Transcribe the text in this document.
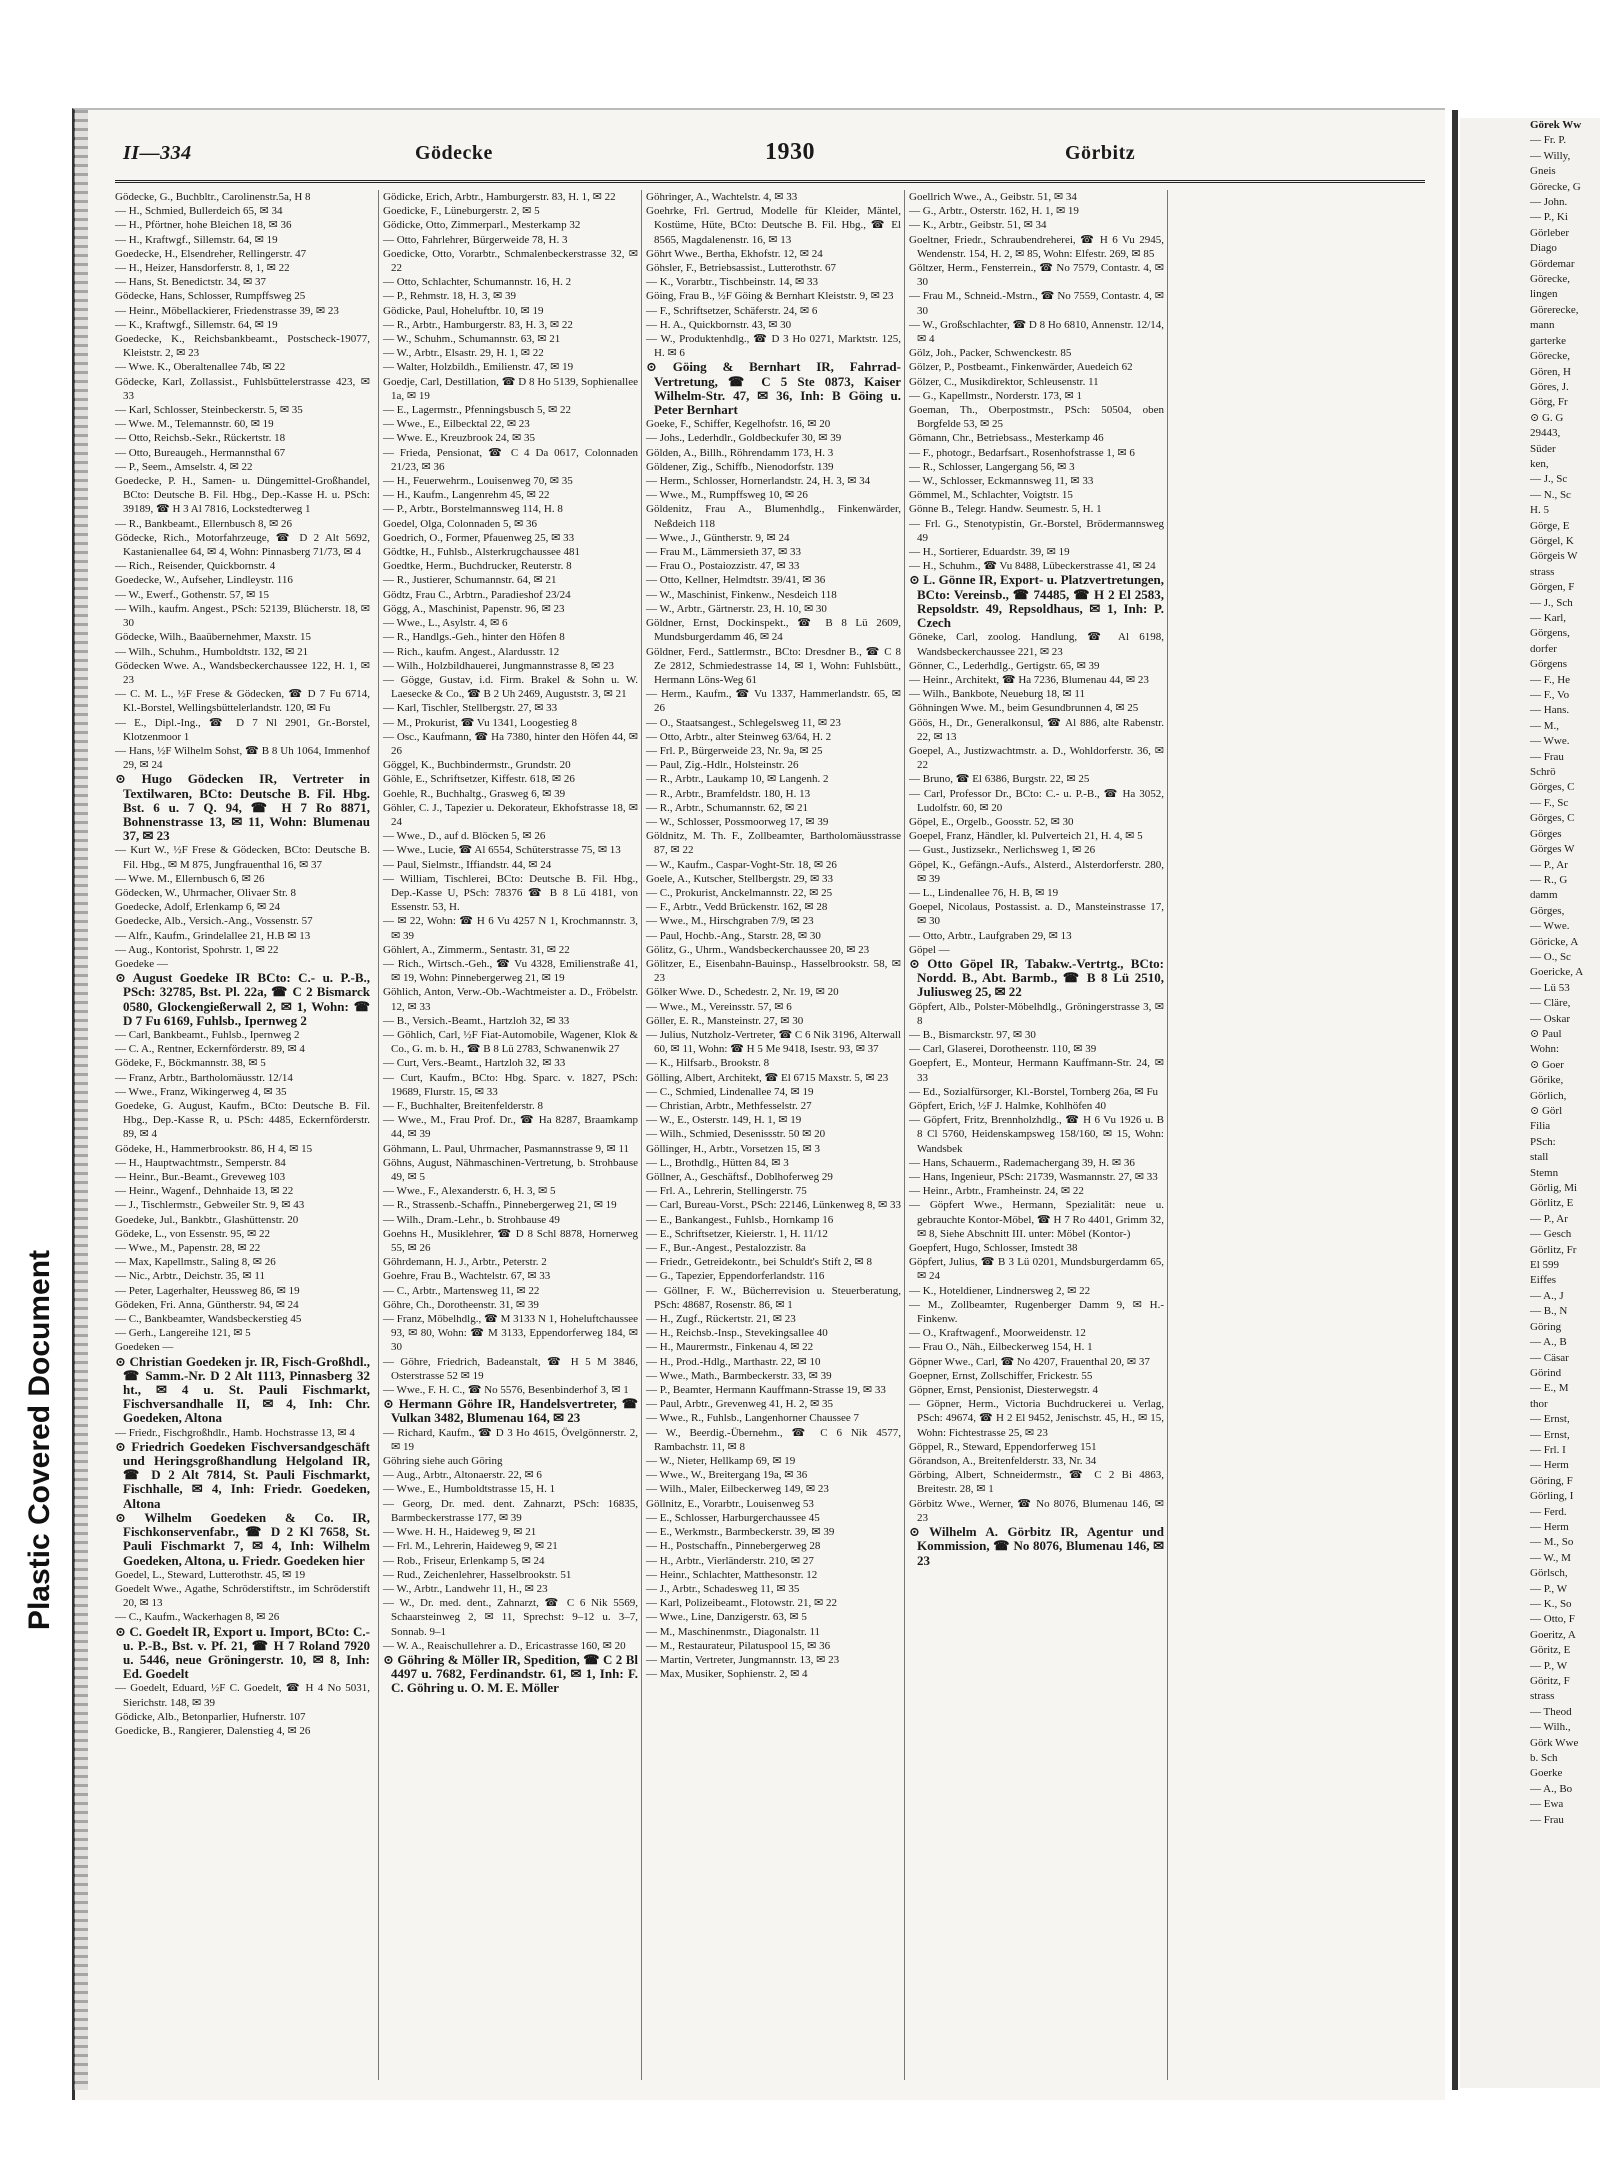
Plastic Covered Document
II—334	Gödecke	1930	Görbitz

Gödecke, G., Buchbltr., Carolinenstr.5a, H 8

— H., Schmied, Bullerdeich 65, ✉ 34

— H., Pförtner, hohe Bleichen 18, ✉ 36

— H., Kraftwgf., Sillemstr. 64, ✉ 19

Goedecke, H., Elsendreher, Rellingerstr. 47

— H., Heizer, Hansdorferstr. 8, 1, ✉ 22

— Hans, St. Benedictstr. 34, ✉ 37

Gödecke, Hans, Schlosser, Rumpffsweg 25

— Heinr., Möbellackierer, Friedenstrasse 39, ✉ 23

— K., Kraftwgf., Sillemstr. 64, ✉ 19

Goedecke, K., Reichsbankbeamt., Postscheck-19077, Kleiststr. 2, ✉ 23

— Wwe. K., Oberaltenallee 74b, ✉ 22

Gödecke, Karl, Zollassist., Fuhlsbüttelerstrasse 423, ✉ 33

— Karl, Schlosser, Steinbeckerstr. 5, ✉ 35

— Wwe. M., Telemannstr. 60, ✉ 19

— Otto, Reichsb.-Sekr., Rückertstr. 18

— Otto, Bureaugeh., Hermannsthal 67

— P., Seem., Amselstr. 4, ✉ 22

Goedecke, P. H., Samen- u. Düngemittel-Großhandel, BCto: Deutsche B. Fil. Hbg., Dep.-Kasse H. u. PSch: 39189, ☎ H 3 Al 7816, Lockstedterweg 1

— R., Bankbeamt., Ellernbusch 8, ✉ 26

Gödecke, Rich., Motorfahrzeuge, ☎ D 2 Alt 5692, Kastanienallee 64, ✉ 4, Wohn: Pinnasberg 71/73, ✉ 4

— Rich., Reisender, Quickbornstr. 4

Goedecke, W., Aufseher, Lindleystr. 116

— W., Ewerf., Gothenstr. 57, ✉ 15

— Wilh., kaufm. Angest., PSch: 52139, Blücherstr. 18, ✉ 30

Gödecke, Wilh., Baaübernehmer, Maxstr. 15

— Wilh., Schuhm., Humboldtstr. 132, ✉ 21

Gödecken Wwe. A., Wandsbeckerchaussee 122, H. 1, ✉ 23

— C. M. L., ½F Frese & Gödecken, ☎ D 7 Fu 6714, Kl.-Borstel, Wellingsbüttelerlandstr. 120, ✉ Fu

— E., Dipl.-Ing., ☎ D 7 Nl 2901, Gr.-Borstel, Klotzenmoor 1

— Hans, ½F Wilhelm Sohst, ☎ B 8 Uh 1064, Immenhof 29, ✉ 24

⊙ Hugo Gödecken IR, Vertreter in Textilwaren, BCto: Deutsche B. Fil. Hbg. Bst. 6 u. 7 Q. 94, ☎ H 7 Ro 8871, Bohnenstrasse 13, ✉ 11, Wohn: Blumenau 37, ✉ 23

— Kurt W., ½F Frese & Gödecken, BCto: Deutsche B. Fil. Hbg., ✉ M 875, Jungfrauenthal 16, ✉ 37

— Wwe. M., Ellernbusch 6, ✉ 26

Gödecken, W., Uhrmacher, Olivaer Str. 8

Goedecke, Adolf, Erlenkamp 6, ✉ 24

Goedecke, Alb., Versich.-Ang., Vossenstr. 57

— Alfr., Kaufm., Grindelallee 21, H.B ✉ 13

— Aug., Kontorist, Spohrstr. 1, ✉ 22

Goedeke —

⊙ August Goedeke IR BCto: C.- u. P.-B., PSch: 32785, Bst. Pl. 22a, ☎ C 2 Bismarck 0580, Glockengießerwall 2, ✉ 1, Wohn: ☎ D 7 Fu 6169, Fuhlsb., Ipernweg 2

— Carl, Bankbeamt., Fuhlsb., Ipernweg 2

— C. A., Rentner, Eckernförderstr. 89, ✉ 4

Gödeke, F., Böckmannstr. 38, ✉ 5

— Franz, Arbtr., Bartholomäusstr. 12/14

— Wwe., Franz, Wikingerweg 4, ✉ 35

Goedeke, G. August, Kaufm., BCto: Deutsche B. Fil. Hbg., Dep.-Kasse R, u. PSch: 4485, Eckernförderstr. 89, ✉ 4

Gödeke, H., Hammerbrookstr. 86, H 4, ✉ 15

— H., Hauptwachtmstr., Semperstr. 84

— Heinr., Bur.-Beamt., Greveweg 103

— Heinr., Wagenf., Dehnhaide 13, ✉ 22

— J., Tischlermstr., Gebweiler Str. 9, ✉ 43

Goedeke, Jul., Bankbtr., Glashüttenstr. 20

Gödeke, L., von Essenstr. 95, ✉ 22

— Wwe., M., Papenstr. 28, ✉ 22

— Max, Kapellmstr., Saling 8, ✉ 26

— Nic., Arbtr., Deichstr. 35, ✉ 11

— Peter, Lagerhalter, Heussweg 86, ✉ 19

Gödeken, Fri. Anna, Güntherstr. 94, ✉ 24

— C., Bankbeamter, Wandsbeckerstieg 45

— Gerh., Langereihe 121, ✉ 5

Goedeken —

⊙ Christian Goedeken jr. IR, Fisch-Großhdl., ☎ Samm.-Nr. D 2 Alt 1113, Pinnasberg 32 ht., ✉ 4 u. St. Pauli Fischmarkt, Fischversandhalle II, ✉ 4, Inh: Chr. Goedeken, Altona

— Friedr., Fischgroßhdlr., Hamb. Hochstrasse 13, ✉ 4

⊙ Friedrich Goedeken Fischversandgeschäft und Heringsgroßhandlung Helgoland IR, ☎ D 2 Alt 7814, St. Pauli Fischmarkt, Fischhalle, ✉ 4, Inh: Friedr. Goedeken, Altona

⊙ Wilhelm Goedeken & Co. IR, Fischkonservenfabr., ☎ D 2 Kl 7658, St. Pauli Fischmarkt 7, ✉ 4, Inh: Wilhelm Goedeken, Altona, u. Friedr. Goedeken hier

Goedel, L., Steward, Lutterothstr. 45, ✉ 19

Goedelt Wwe., Agathe, Schröderstiftstr., im Schröderstift 20, ✉ 13

— C., Kaufm., Wackerhagen 8, ✉ 26

⊙ C. Goedelt IR, Export u. Import, BCto: C.- u. P.-B., Bst. v. Pf. 21, ☎ H 7 Roland 7920 u. 5446, neue Gröningerstr. 10, ✉ 8, Inh: Ed. Goedelt

— Goedelt, Eduard, ½F C. Goedelt, ☎ H 4 No 5031, Sierichstr. 148, ✉ 39

Gödicke, Alb., Betonparlier, Hufnerstr. 107

Goedicke, B., Rangierer, Dalenstieg 4, ✉ 26

Gödicke, Erich, Arbtr., Hamburgerstr. 83, H. 1, ✉ 22

Goedicke, F., Lüneburgerstr. 2, ✉ 5

Gödicke, Otto, Zimmerparl., Mesterkamp 32

— Otto, Fahrlehrer, Bürgerweide 78, H. 3

Goedicke, Otto, Vorarbtr., Schmalenbeckerstrasse 32, ✉ 22

— Otto, Schlachter, Schumannstr. 16, H. 2

— P., Rehmstr. 18, H. 3, ✉ 39

Gödicke, Paul, Hoheluftbr. 10, ✉ 19

— R., Arbtr., Hamburgerstr. 83, H. 3, ✉ 22

— W., Schuhm., Schumannstr. 63, ✉ 21

— W., Arbtr., Elsastr. 29, H. 1, ✉ 22

— Walter, Holzbildh., Emilienstr. 47, ✉ 19

Goedje, Carl, Destillation, ☎ D 8 Ho 5139, Sophienallee 1a, ✉ 19

— E., Lagermstr., Pfenningsbusch 5, ✉ 22

— Wwe., E., Eilbecktal 22, ✉ 23

— Wwe. E., Kreuzbrook 24, ✉ 35

— Frieda, Pensionat, ☎ C 4 Da 0617, Colonnaden 21/23, ✉ 36

— H., Feuerwehrm., Louisenweg 70, ✉ 35

— H., Kaufm., Langenrehm 45, ✉ 22

— P., Arbtr., Borstelmannsweg 114, H. 8

Goedel, Olga, Colonnaden 5, ✉ 36

Goedrich, O., Former, Pfauenweg 25, ✉ 33

Gödtke, H., Fuhlsb., Alsterkrugchaussee 481

Goedtke, Herm., Buchdrucker, Reuterstr. 8

— R., Justierer, Schumannstr. 64, ✉ 21

Gödtz, Frau C., Arbtrn., Paradieshof 23/24

Gögg, A., Maschinist, Papenstr. 96, ✉ 23

— Wwe., L., Asylstr. 4, ✉ 6

— R., Handlgs.-Geh., hinter den Höfen 8

— Rich., kaufm. Angest., Alardusstr. 12

— Wilh., Holzbildhauerei, Jungmannstrasse 8, ✉ 23

— Gögge, Gustav, i.d. Firm. Brakel & Sohn u. W. Laesecke & Co., ☎ B 2 Uh 2469, Auguststr. 3, ✉ 21

— Karl, Tischler, Stellbergstr. 27, ✉ 33

— M., Prokurist, ☎ Vu 1341, Loogestieg 8

— Osc., Kaufmann, ☎ Ha 7380, hinter den Höfen 44, ✉ 26

Göggel, K., Buchbindermstr., Grundstr. 20

Göhle, E., Schriftsetzer, Kiffestr. 618, ✉ 26

Goehle, R., Buchhaltg., Grasweg 6, ✉ 39

Göhler, C. J., Tapezier u. Dekorateur, Ekhofstrasse 18, ✉ 24

— Wwe., D., auf d. Blöcken 5, ✉ 26

— Wwe., Lucie, ☎ Al 6554, Schüterstrasse 75, ✉ 13

— Paul, Sielmstr., Iffiandstr. 44, ✉ 24

— William, Tischlerei, BCto: Deutsche B. Fil. Hbg., Dep.-Kasse U, PSch: 78376 ☎ B 8 Lü 4181, von Essenstr. 53, H.

— ✉ 22, Wohn: ☎ H 6 Vu 4257 N 1, Krochmannstr. 3, ✉ 39

Göhlert, A., Zimmerm., Sentastr. 31, ✉ 22

— Rich., Wirtsch.-Geh., ☎ Vu 4328, Emilienstraße 41, ✉ 19, Wohn: Pinnebergerweg 21, ✉ 19

Göhlich, Anton, Verw.-Ob.-Wachtmeister a. D., Fröbelstr. 12, ✉ 33

— B., Versich.-Beamt., Hartzloh 32, ✉ 33

— Göhlich, Carl, ½F Fiat-Automobile, Wagener, Klok & Co., G. m. b. H., ☎ B 8 Lü 2783, Schwanenwik 27

— Curt, Vers.-Beamt., Hartzloh 32, ✉ 33

— Curt, Kaufm., BCto: Hbg. Sparc. v. 1827, PSch: 19689, Flurstr. 15, ✉ 33

— F., Buchhalter, Breitenfelderstr. 8

— Wwe., M., Frau Prof. Dr., ☎ Ha 8287, Braamkamp 44, ✉ 39

Göhmann, L. Paul, Uhrmacher, Pasmannstrasse 9, ✉ 11

Göhns, August, Nähmaschinen-Vertretung, b. Strohbause 49, ✉ 5

— Wwe., F., Alexanderstr. 6, H. 3, ✉ 5

— R., Strassenb.-Schaffn., Pinnebergerweg 21, ✉ 19

— Wilh., Dram.-Lehr., b. Strohbause 49

Goehns H., Musiklehrer, ☎ D 8 Schl 8878, Hornerweg 55, ✉ 26

Göhrdemann, H. J., Arbtr., Peterstr. 2

Goehre, Frau B., Wachtelstr. 67, ✉ 33

— C., Arbtr., Martensweg 11, ✉ 22

Göhre, Ch., Dorotheenstr. 31, ✉ 39

— Franz, Möbelhdlg., ☎ M 3133 N 1, Hoheluftchaussee 93, ✉ 80, Wohn: ☎ M 3133, Eppendorferweg 184, ✉ 30

— Göhre, Friedrich, Badeanstalt, ☎ H 5 M 3846, Osterstrasse 52 ✉ 19

— Wwe., F. H. C., ☎ No 5576, Besenbinderhof 3, ✉ 1

⊙ Hermann Göhre IR, Handelsvertreter, ☎ Vulkan 3482, Blumenau 164, ✉ 23

— Richard, Kaufm., ☎ D 3 Ho 4615, Övelgönnerstr. 2, ✉ 19

Göhring siehe auch Göring

— Aug., Arbtr., Altonaerstr. 22, ✉ 6

— Wwe., E., Humboldtstrasse 15, H. 1

— Georg, Dr. med. dent. Zahnarzt, PSch: 16835, Barmbeckerstrasse 177, ✉ 39

— Wwe. H. H., Haideweg 9, ✉ 21

— Frl. M., Lehrerin, Haideweg 9, ✉ 21

— Rob., Friseur, Erlenkamp 5, ✉ 24

— Rud., Zeichenlehrer, Hasselbrookstr. 51

— W., Arbtr., Landwehr 11, H., ✉ 23

— W., Dr. med. dent., Zahnarzt, ☎ C 6 Nik 5569, Schaarsteinweg 2, ✉ 11, Sprechst: 9–12 u. 3–7, Sonnab. 9–1

— W. A., Reaischullehrer a. D., Ericastrasse 160, ✉ 20

⊙ Göhring & Möller IR, Spedition, ☎ C 2 Bl 4497 u. 7682, Ferdinandstr. 61, ✉ 1, Inh: F. C. Göhring u. O. M. E. Möller

Göhringer, A., Wachtelstr. 4, ✉ 33

Goehrke, Frl. Gertrud, Modelle für Kleider, Mäntel, Kostüme, Hüte, BCto: Deutsche B. Fil. Hbg., ☎ El 8565, Magdalenenstr. 16, ✉ 13

Göhrt Wwe., Bertha, Ekhofstr. 12, ✉ 24

Göhsler, F., Betriebsassist., Lutterothstr. 67

— K., Vorarbtr., Tischbeinstr. 14, ✉ 33

Göing, Frau B., ½F Göing & Bernhart Kleiststr. 9, ✉ 23

— F., Schriftsetzer, Schäferstr. 24, ✉ 6

— H. A., Quickbornstr. 43, ✉ 30

— W., Produktenhdlg., ☎ D 3 Ho 0271, Marktstr. 125, H. ✉ 6

⊙ Göing & Bernhart IR, Fahrrad-Vertretung, ☎ C 5 Ste 0873, Kaiser Wilhelm-Str. 47, ✉ 36, Inh: B Göing u. Peter Bernhart

Goeke, F., Schiffer, Kegelhofstr. 16, ✉ 20

— Johs., Lederhdlr., Goldbeckufer 30, ✉ 39

Gölden, A., Billh., Röhrendamm 173, H. 3

Göldener, Zig., Schiffb., Nienodorfstr. 139

— Herm., Schlosser, Hornerlandstr. 24, H. 3, ✉ 34

— Wwe., M., Rumpffsweg 10, ✉ 26

Göldenitz, Frau A., Blumenhdlg., Finkenwärder, Neßdeich 118

— Wwe., J., Güntherstr. 9, ✉ 24

— Frau M., Lämmersieth 37, ✉ 33

— Frau O., Postaiozzistr. 47, ✉ 33

— Otto, Kellner, Helmdtstr. 39/41, ✉ 36

— W., Maschinist, Finkenw., Nesdeich 118

— W., Arbtr., Gärtnerstr. 23, H. 10, ✉ 30

Göldner, Ernst, Dockinspekt., ☎ B 8 Lü 2609, Mundsburgerdamm 46, ✉ 24

Göldner, Ferd., Sattlermstr., BCto: Dresdner B., ☎ C 8 Ze 2812, Schmiedestrasse 14, ✉ 1, Wohn: Fuhlsbütt., Hermann Löns-Weg 61

— Herm., Kaufm., ☎ Vu 1337, Hammerlandstr. 65, ✉ 26

— O., Staatsangest., Schlegelsweg 11, ✉ 23

— Otto, Arbtr., alter Steinweg 63/64, H. 2

— Frl. P., Bürgerweide 23, Nr. 9a, ✉ 25

— Paul, Zig.-Hdlr., Holsteinstr. 26

— R., Arbtr., Laukamp 10, ✉ Langenh. 2

— R., Arbtr., Bramfeldstr. 180, H. 13

— R., Arbtr., Schumannstr. 62, ✉ 21

— W., Schlosser, Possmoorweg 17, ✉ 39

Göldnitz, M. Th. F., Zollbeamter, Bartholomäusstrasse 87, ✉ 22

— W., Kaufm., Caspar-Voght-Str. 18, ✉ 26

Goele, A., Kutscher, Stellbergstr. 29, ✉ 33

— C., Prokurist, Anckelmannstr. 22, ✉ 25

— F., Arbtr., Vedd Brückenstr. 162, ✉ 28

— Wwe., M., Hirschgraben 7/9, ✉ 23

— Paul, Hochb.-Ang., Starstr. 28, ✉ 30

Gölitz, G., Uhrm., Wandsbeckerchaussee 20, ✉ 23

Gölitzer, E., Eisenbahn-Bauinsp., Hasselbrookstr. 58, ✉ 23

Gölker Wwe. D., Schedestr. 2, Nr. 19, ✉ 20

— Wwe., M., Vereinsstr. 57, ✉ 6

Göller, E. R., Mansteinstr. 27, ✉ 30

— Julius, Nutzholz-Vertreter, ☎ C 6 Nik 3196, Alterwall 60, ✉ 11, Wohn: ☎ H 5 Me 9418, Isestr. 93, ✉ 37

— K., Hilfsarb., Brookstr. 8

Gölling, Albert, Architekt, ☎ El 6715 Maxstr. 5, ✉ 23

— C., Schmied, Lindenallee 74, ✉ 19

— Christian, Arbtr., Methfesselstr. 27

— W., E., Osterstr. 149, H. 1, ✉ 19

— Wilh., Schmied, Desenissstr. 50 ✉ 20

Göllinger, H., Arbtr., Vorsetzen 15, ✉ 3

— L., Brothdlg., Hütten 84, ✉ 3

Göllner, A., Geschäftsf., Doblhoferweg 29

— Frl. A., Lehrerin, Stellingerstr. 75

— Carl, Bureau-Vorst., PSch: 22146, Lünkenweg 8, ✉ 33

— E., Bankangest., Fuhlsb., Hornkamp 16

— E., Schriftsetzer, Kieierstr. 1, H. 11/12

— F., Bur.-Angest., Pestalozzistr. 8a

— Friedr., Getreidekontr., bei Schuldt's Stift 2, ✉ 8

— G., Tapezier, Eppendorferlandstr. 116

— Göllner, F. W., Bücherrevision u. Steuerberatung, PSch: 48687, Rosenstr. 86, ✉ 1

— H., Zugf., Rückertstr. 21, ✉ 23

— H., Reichsb.-Insp., Stevekingsallee 40

— H., Maurermstr., Finkenau 4, ✉ 22

— H., Prod.-Hdlg., Marthastr. 22, ✉ 10

— Wwe., Math., Barmbeckerstr. 33, ✉ 39

— P., Beamter, Hermann Kauffmann-Strasse 19, ✉ 33

— Paul, Arbtr., Grevenweg 41, H. 2, ✉ 35

— Wwe., R., Fuhlsb., Langenhorner Chaussee 7

— W., Beerdig.-Übernehm., ☎ C 6 Nik 4577, Rambachstr. 11, ✉ 8

— W., Nieter, Hellkamp 69, ✉ 19

— Wwe., W., Breitergang 19a, ✉ 36

— Wilh., Maler, Eilbeckerweg 149, ✉ 23

Göllnitz, E., Vorarbtr., Louisenweg 53

— E., Schlosser, Harburgerchaussee 45

— E., Werkmstr., Barmbeckerstr. 39, ✉ 39

— H., Postschaffn., Pinnebergerweg 28

— H., Arbtr., Vierländerstr. 210, ✉ 27

— Heinr., Schlachter, Matthesonstr. 12

— J., Arbtr., Schadesweg 11, ✉ 35

— Karl, Polizeibeamt., Flotowstr. 21, ✉ 22

— Wwe., Line, Danzigerstr. 63, ✉ 5

— M., Maschinenmstr., Diagonalstr. 11

— M., Restaurateur, Pilatuspool 15, ✉ 36

— Martin, Vertreter, Jungmannstr. 13, ✉ 23

— Max, Musiker, Sophienstr. 2, ✉ 4

Goellrich Wwe., A., Geibstr. 51, ✉ 34

— G., Arbtr., Osterstr. 162, H. 1, ✉ 19

— K., Arbtr., Geibstr. 51, ✉ 34

Goeltner, Friedr., Schraubendreherei, ☎ H 6 Vu 2945, Wendenstr. 154, H. 2, ✉ 85, Wohn: Elfestr. 269, ✉ 85

Göltzer, Herm., Fensterrein., ☎ No 7579, Contastr. 4, ✉ 30

— Frau M., Schneid.-Mstrn., ☎ No 7559, Contastr. 4, ✉ 30

— W., Großschlachter, ☎ D 8 Ho 6810, Annenstr. 12/14, ✉ 4

Gölz, Joh., Packer, Schwenckestr. 85

Gölzer, P., Postbeamt., Finkenwärder, Auedeich 62

Gölzer, C., Musikdirektor, Schleusenstr. 11

— G., Kapellmstr., Norderstr. 173, ✉ 1

Goeman, Th., Oberpostmstr., PSch: 50504, oben Borgfelde 53, ✉ 25

Gömann, Chr., Betriebsass., Mesterkamp 46

— F., photogr., Bedarfsart., Rosenhofstrasse 1, ✉ 6

— R., Schlosser, Langergang 56, ✉ 3

— W., Schlosser, Eckmannsweg 11, ✉ 33

Gömmel, M., Schlachter, Voigtstr. 15

Gönne B., Telegr. Handw. Seumestr. 5, H. 1

— Frl. G., Stenotypistin, Gr.-Borstel, Brödermannsweg 49

— H., Sortierer, Eduardstr. 39, ✉ 19

— H., Schuhm., ☎ Vu 8488, Lübeckerstrasse 41, ✉ 24

⊙ L. Gönne IR, Export- u. Platzvertretungen, BCto: Vereinsb., ☎ 74485, ☎ H 2 El 2583, Repsoldstr. 49, Repsoldhaus, ✉ 1, Inh: P. Czech

Göneke, Carl, zoolog. Handlung, ☎ Al 6198, Wandsbeckerchaussee 221, ✉ 23

Gönner, C., Lederhdlg., Gertigstr. 65, ✉ 39

— Heinr., Architekt, ☎ Ha 7236, Blumenau 44, ✉ 23

— Wilh., Bankbote, Neueburg 18, ✉ 11

Göhningen Wwe. M., beim Gesundbrunnen 4, ✉ 25

Göös, H., Dr., Generalkonsul, ☎ Al 886, alte Rabenstr. 22, ✉ 13

Goepel, A., Justizwachtmstr. a. D., Wohldorferstr. 36, ✉ 22

— Bruno, ☎ El 6386, Burgstr. 22, ✉ 25

— Carl, Professor Dr., BCto: C.- u. P.-B., ☎ Ha 3052, Ludolfstr. 60, ✉ 20

Göpel, E., Orgelb., Goosstr. 52, ✉ 30

Goepel, Franz, Händler, kl. Pulverteich 21, H. 4, ✉ 5

— Gust., Justizsekr., Nerlichsweg 1, ✉ 26

Göpel, K., Gefängn.-Aufs., Alsterd., Alsterdorferstr. 280, ✉ 39

— L., Lindenallee 76, H. B, ✉ 19

Goepel, Nicolaus, Postassist. a. D., Mansteinstrasse 17, ✉ 30

— Otto, Arbtr., Laufgraben 29, ✉ 13

Göpel —

⊙ Otto Göpel IR, Tabakw.-Vertrtg., BCto: Nordd. B., Abt. Barmb., ☎ B 8 Lü 2510, Juliusweg 25, ✉ 22

Göpfert, Alb., Polster-Möbelhdlg., Gröningerstrasse 3, ✉ 8

— B., Bismarckstr. 97, ✉ 30

— Carl, Glaserei, Dorotheenstr. 110, ✉ 39

Goepfert, E., Monteur, Hermann Kauffmann-Str. 24, ✉ 33

— Ed., Sozialfürsorger, Kl.-Borstel, Tornberg 26a, ✉ Fu

Göpfert, Erich, ½F J. Halmke, Kohlhöfen 40

— Göpfert, Fritz, Brennholzhdlg., ☎ H 6 Vu 1926 u. B 8 Cl 5760, Heidenskampsweg 158/160, ✉ 15, Wohn: Wandsbek

— Hans, Schauerm., Rademachergang 39, H. ✉ 36

— Hans, Ingenieur, PSch: 21739, Wasmannstr. 27, ✉ 33

— Heinr., Arbtr., Framheinstr. 24, ✉ 22

— Göpfert Wwe., Hermann, Spezialität: neue u. gebrauchte Kontor-Möbel, ☎ H 7 Ro 4401, Grimm 32, ✉ 8, Siehe Abschnitt III. unter: Möbel (Kontor-)

Goepfert, Hugo, Schlosser, Imstedt 38

Göpfert, Julius, ☎ B 3 Lü 0201, Mundsburgerdamm 65, ✉ 24

— K., Hoteldiener, Lindnersweg 2, ✉ 22

— M., Zollbeamter, Rugenberger Damm 9, ✉ H.-Finkenw.

— O., Kraftwagenf., Moorweidenstr. 12

— Frau O., Näh., Eilbeckerweg 154, H. 1

Göpner Wwe., Carl, ☎ No 4207, Frauenthal 20, ✉ 37

Goepner, Ernst, Zollschiffer, Frickestr. 55

Göpner, Ernst, Pensionist, Diesterwegstr. 4

— Göpner, Herm., Victoria Buchdruckerei u. Verlag, PSch: 49674, ☎ H 2 El 9452, Jenischstr. 45, H., ✉ 15, Wohn: Fichtestrasse 25, ✉ 23

Göppel, R., Steward, Eppendorferweg 151

Görandson, A., Breitenfelderstr. 33, Nr. 34

Görbing, Albert, Schneidermstr., ☎ C 2 Bi 4863, Breitestr. 28, ✉ 1

Görbitz Wwe., Werner, ☎ No 8076, Blumenau 146, ✉ 23

⊙ Wilhelm A. Görbitz IR, Agentur und Kommission, ☎ No 8076, Blumenau 146, ✉ 23

Görek Ww
— Fr. P.
— Willy,
Gneis
Görecke, G
— John.
— P., Ki
Görleber
Diago
Gördemar
Görecke,
lingen
Görerecke,
mann
garterke
Görecke,
Gören, H
Göres, J.
Görg, Fr
⊙ G. G
29443,
Süder
ken,
— J., Sc
— N., Sc
H. 5
Görge, E
Görgel, K
Görgeis W
strass
Görgen, F
— J., Sch
— Karl,
Görgens,
dorfer
Görgens
— F., He
— F., Vo
— Hans.
— M.,
— Wwe.
— Frau
Schrö
Görges, C
— F., Sc
Görges, C
Görges
Görges W
— P., Ar
— R., G
damm
Görges,
— Wwe.
Göricke, A
— O., Sc
Goericke, A
— Lü 53
— Cläre,
— Oskar
⊙ Paul
Wohn:
⊙ Goer
Görike,
Görlich,
⊙ Görl
Filia
PSch:
stall
Stemn
Görlig, Mi
Görlitz, E
— P., Ar
— Gesch
Görlitz, Fr
El 599
Eiffes
— A., J
— B., N
Göring
— A., B
— Cäsar
Görind
— E., M
thor
— Ernst,
— Ernst,
— Frl. I
— Herm
Göring, F
Görling, I
— Ferd.
— Herm
— M., So
— W., M
Görlsch,
— P., W
— K., So
— Otto, F
Goeritz, A
Göritz, E
— P., W
Göritz, F
strass
— Theod
— Wilh.,
Görk Wwe
b. Sch
Goerke
— A., Bo
— Ewa
— Frau
